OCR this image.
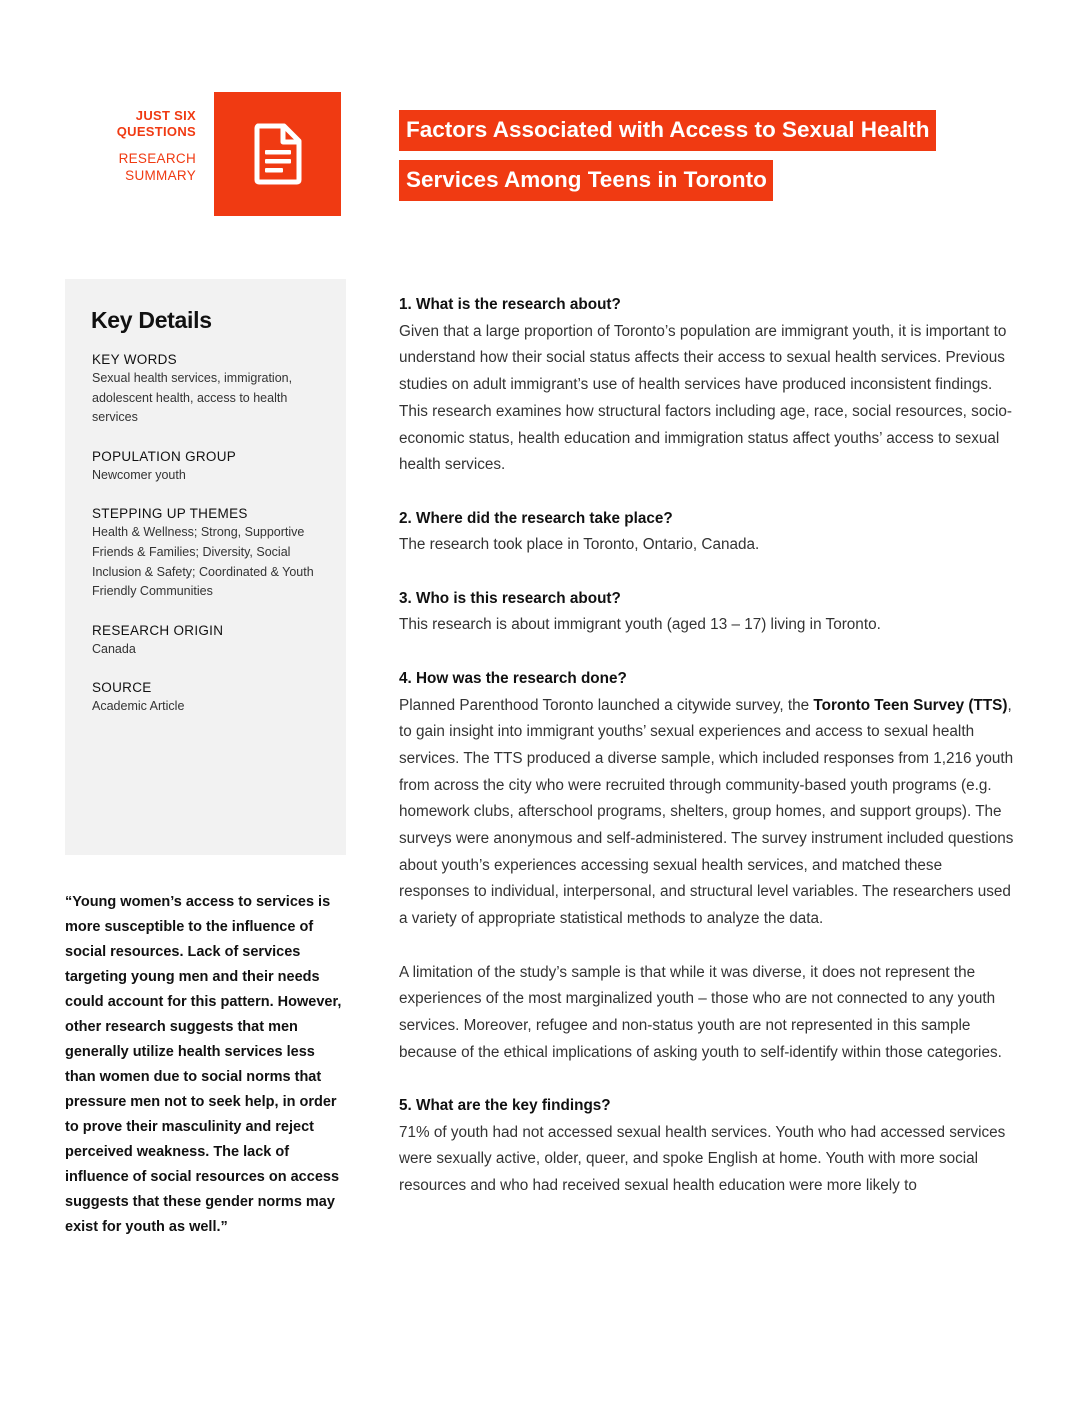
JUST SIX
QUESTIONS
RESEARCH
SUMMARY
Factors Associated with Access to Sexual Health
Services Among Teens in Toronto
Key Details
KEY WORDS
Sexual health services, immigration, adolescent health, access to health services
POPULATION GROUP
Newcomer youth
STEPPING UP THEMES
Health & Wellness; Strong, Supportive Friends & Families; Diversity, Social Inclusion & Safety; Coordinated & Youth Friendly Communities
RESEARCH ORIGIN
Canada
SOURCE
Academic Article
“Young women’s access to services is more susceptible to the influence of social resources. Lack of services targeting young men and their needs could account for this pattern. However, other research suggests that men generally utilize health services less than women due to social norms that pressure men not to seek help, in order to prove their masculinity and reject perceived weakness. The lack of influence of social resources on access suggests that these gender norms may exist for youth as well.”
1. What is the research about?

Given that a large proportion of Toronto’s population are immigrant youth, it is important to understand how their social status affects their access to sexual health services. Previous studies on adult immigrant’s use of health services have produced inconsistent findings. This research examines how structural factors including age, race, social resources, socio-economic status, health education and immigration status affect youths’ access to sexual health services.

2. Where did the research take place?

The research took place in Toronto, Ontario, Canada.

3. Who is this research about?

This research is about immigrant youth (aged 13 – 17) living in Toronto.

4. How was the research done?

Planned Parenthood Toronto launched a citywide survey, the Toronto Teen Survey (TTS), to gain insight into immigrant youths’ sexual experiences and access to sexual health services. The TTS produced a diverse sample, which included responses from 1,216 youth from across the city who were recruited through community-based youth programs (e.g. homework clubs, afterschool programs, shelters, group homes, and support groups). The surveys were anonymous and self-administered. The survey instrument included questions about youth’s experiences accessing sexual health services, and matched these responses to individual, interpersonal, and structural level variables. The researchers used a variety of appropriate statistical methods to analyze the data.

A limitation of the study’s sample is that while it was diverse, it does not represent the experiences of the most marginalized youth – those who are not connected to any youth services. Moreover, refugee and non-status youth are not represented in this sample because of the ethical implications of asking youth to self-identify within those categories.

5. What are the key findings?

71% of youth had not accessed sexual health services. Youth who had accessed services were sexually active, older, queer, and spoke English at home. Youth with more social resources and who had received sexual health education were more likely to
